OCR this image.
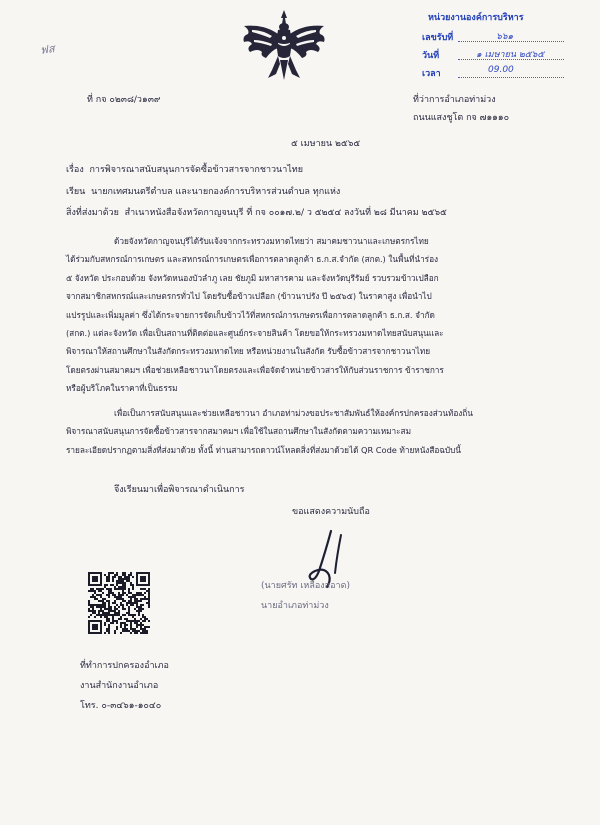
ฟส
หน่วยงานองค์การบริหาร
เลขรับที่	๖๖๑
วันที่	๑ เมษายน ๒๕๖๕
เวลา	09.00
ที่ กจ ๐๒๓๘/ว๑๓๙	ที่ว่าการอำเภอท่าม่วง
ถนนแสงชูโต กจ ๗๑๑๑๐
๕ เมษายน ๒๕๖๕
เรื่อง การพิจารณาสนับสนุนการจัดซื้อข้าวสารจากชาวนาไทย
เรียน นายกเทศมนตรีตำบล และนายกองค์การบริหารส่วนตำบล ทุกแห่ง
สิ่งที่ส่งมาด้วย สำเนาหนังสือจังหวัดกาญจนบุรี ที่ กจ ๐๐๑๗.๒/ ว ๕๒๕๔ ลงวันที่ ๒๘ มีนาคม ๒๕๖๕
ด้วยจังหวัดกาญจนบุรีได้รับแจ้งจากกระทรวงมหาดไทยว่า สมาคมชาวนาและเกษตรกรไทย
ได้ร่วมกับสหกรณ์การเกษตร และสหกรณ์การเกษตรเพื่อการตลาดลูกค้า ธ.ก.ส.จำกัด (สกต.) ในพื้นที่นำร่อง
๕ จังหวัด ประกอบด้วย จังหวัดหนองบัวลำภู เลย ชัยภูมิ มหาสารคาม และจังหวัดบุรีรัมย์ รวบรวมข้าวเปลือก
จากสมาชิกสหกรณ์และเกษตรกรทั่วไป โดยรับซื้อข้าวเปลือก (ข้าวนาปรัง ปี ๒๕๖๕) ในราคาสูง เพื่อนำไป
แปรรูปและเพิ่มมูลค่า ซึ่งได้กระจายการจัดเก็บข้าวไว้ที่สหกรณ์การเกษตรเพื่อการตลาดลูกค้า ธ.ก.ส. จำกัด
(สกต.) แต่ละจังหวัด เพื่อเป็นสถานที่ติดต่อและศูนย์กระจายสินค้า โดยขอให้กระทรวงมหาดไทยสนับสนุนและ
พิจารณาให้สถานศึกษาในสังกัดกระทรวงมหาดไทย หรือหน่วยงานในสังกัด รับซื้อข้าวสารจากชาวนาไทย
โดยตรงผ่านสมาคมฯ เพื่อช่วยเหลือชาวนาโดยตรงและเพื่อจัดจำหน่ายข้าวสารให้กับส่วนราชการ ข้าราชการ
หรือผู้บริโภคในราคาที่เป็นธรรม
เพื่อเป็นการสนับสนุนและช่วยเหลือชาวนา อำเภอท่าม่วงขอประชาสัมพันธ์ให้องค์กรปกครองส่วนท้องถิ่น
พิจารณาสนับสนุนการจัดซื้อข้าวสารจากสมาคมฯ เพื่อใช้ในสถานศึกษาในสังกัดตามความเหมาะสม
รายละเอียดปรากฏตามสิ่งที่ส่งมาด้วย ทั้งนี้ ท่านสามารถดาวน์โหลดสิ่งที่ส่งมาด้วยได้ QR Code ท้ายหนังสือฉบับนี้
จึงเรียนมาเพื่อพิจารณาดำเนินการ
ขอแสดงความนับถือ
(นายศรัท เหลืองสอาด)
นายอำเภอท่าม่วง
ที่ทำการปกครองอำเภอ
งานสำนักงานอำเภอ
โทร. ๐-๓๔๖๑-๑๐๔๐
